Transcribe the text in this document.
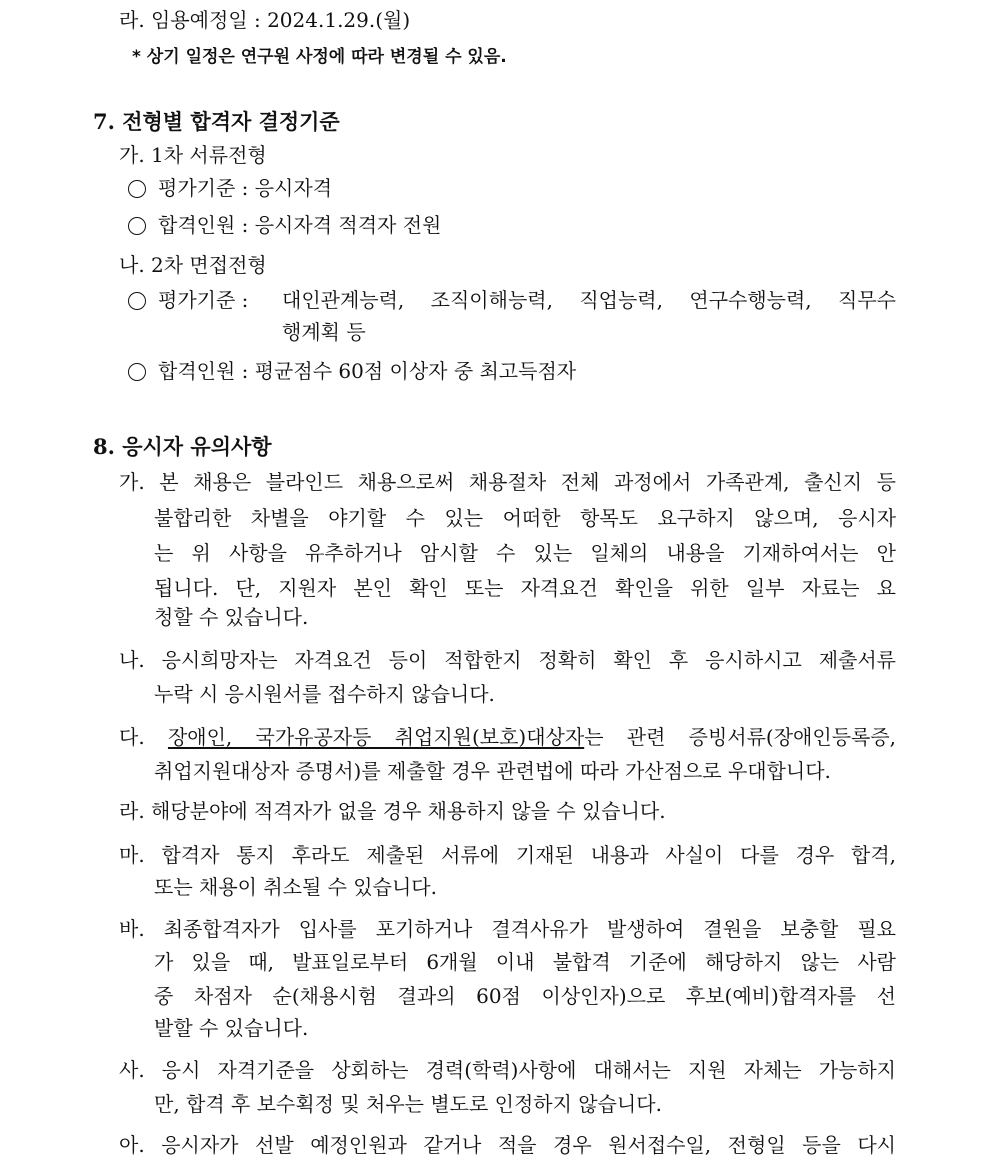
라. 임용예정일 : 2024.1.29.(월)
* 상기 일정은 연구원 사정에 따라 변경될 수 있음.
7. 전형별 합격자 결정기준
가. 1차 서류전형
평가기준 : 응시자격
합격인원 : 응시자격 적격자 전원
나. 2차 면접전형
평가기준 : 대인관계능력, 조직이해능력, 직업능력, 연구수행능력, 직무수
행계획 등
합격인원 : 평균점수 60점 이상자 중 최고득점자
8. 응시자 유의사항
가. 본 채용은 블라인드 채용으로써 채용절차 전체 과정에서 가족관계, 출신지 등
불합리한 차별을 야기할 수 있는 어떠한 항목도 요구하지 않으며, 응시자
는 위 사항을 유추하거나 암시할 수 있는 일체의 내용을 기재하여서는 안
됩니다. 단, 지원자 본인 확인 또는 자격요건 확인을 위한 일부 자료는 요
청할 수 있습니다.
나. 응시희망자는 자격요건 등이 적합한지 정확히 확인 후 응시하시고 제출서류
누락 시 응시원서를 접수하지 않습니다.
다. 장애인, 국가유공자등 취업지원(보호)대상자는 관련 증빙서류(장애인등록증,
취업지원대상자 증명서)를 제출할 경우 관련법에 따라 가산점으로 우대합니다.
라. 해당분야에 적격자가 없을 경우 채용하지 않을 수 있습니다.
마. 합격자 통지 후라도 제출된 서류에 기재된 내용과 사실이 다를 경우 합격,
또는 채용이 취소될 수 있습니다.
바. 최종합격자가 입사를 포기하거나 결격사유가 발생하여 결원을 보충할 필요
가 있을 때, 발표일로부터 6개월 이내 불합격 기준에 해당하지 않는 사람
중 차점자 순(채용시험 결과의 60점 이상인자)으로 후보(예비)합격자를 선
발할 수 있습니다.
사. 응시 자격기준을 상회하는 경력(학력)사항에 대해서는 지원 자체는 가능하지
만, 합격 후 보수획정 및 처우는 별도로 인정하지 않습니다.
아. 응시자가 선발 예정인원과 같거나 적을 경우 원서접수일, 전형일 등을 다시
